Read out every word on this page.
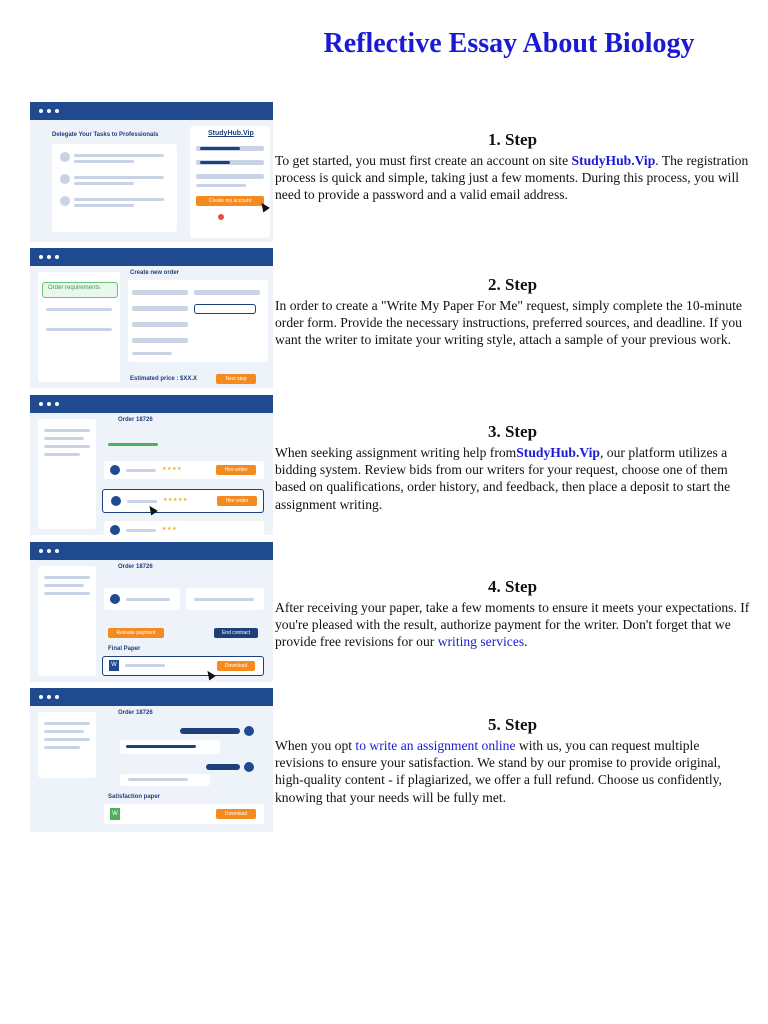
Reflective Essay About Biology
Delegate Your Tasks to Professionals	StudyHub.Vip
Create my account
Order requirements
Create new order
Estimated price : $XX.X	Next step
Order 18726
★★★★	Hire writer
★★★★★	Hire writer
★★★
Order 18726
Release payment	End contract
Final Paper
W	Download
Order 18726
Satisfaction paper
W	Download
1. Step

To get started, you must first create an account on site StudyHub.Vip. The registration process is quick and simple, taking just a few moments. During this process, you will need to provide a password and a valid email address.

2. Step

In order to create a "Write My Paper For Me" request, simply complete the 10-minute order form. Provide the necessary instructions, preferred sources, and deadline. If you want the writer to imitate your writing style, attach a sample of your previous work.

3. Step

When seeking assignment writing help fromStudyHub.Vip, our platform utilizes a bidding system. Review bids from our writers for your request, choose one of them based on qualifications, order history, and feedback, then place a deposit to start the assignment writing.

4. Step

After receiving your paper, take a few moments to ensure it meets your expectations. If you're pleased with the result, authorize payment for the writer. Don't forget that we provide free revisions for our writing services.

5. Step

When you opt to write an assignment online with us, you can request multiple revisions to ensure your satisfaction. We stand by our promise to provide original, high-quality content - if plagiarized, we offer a full refund. Choose us confidently, knowing that your needs will be fully met.
